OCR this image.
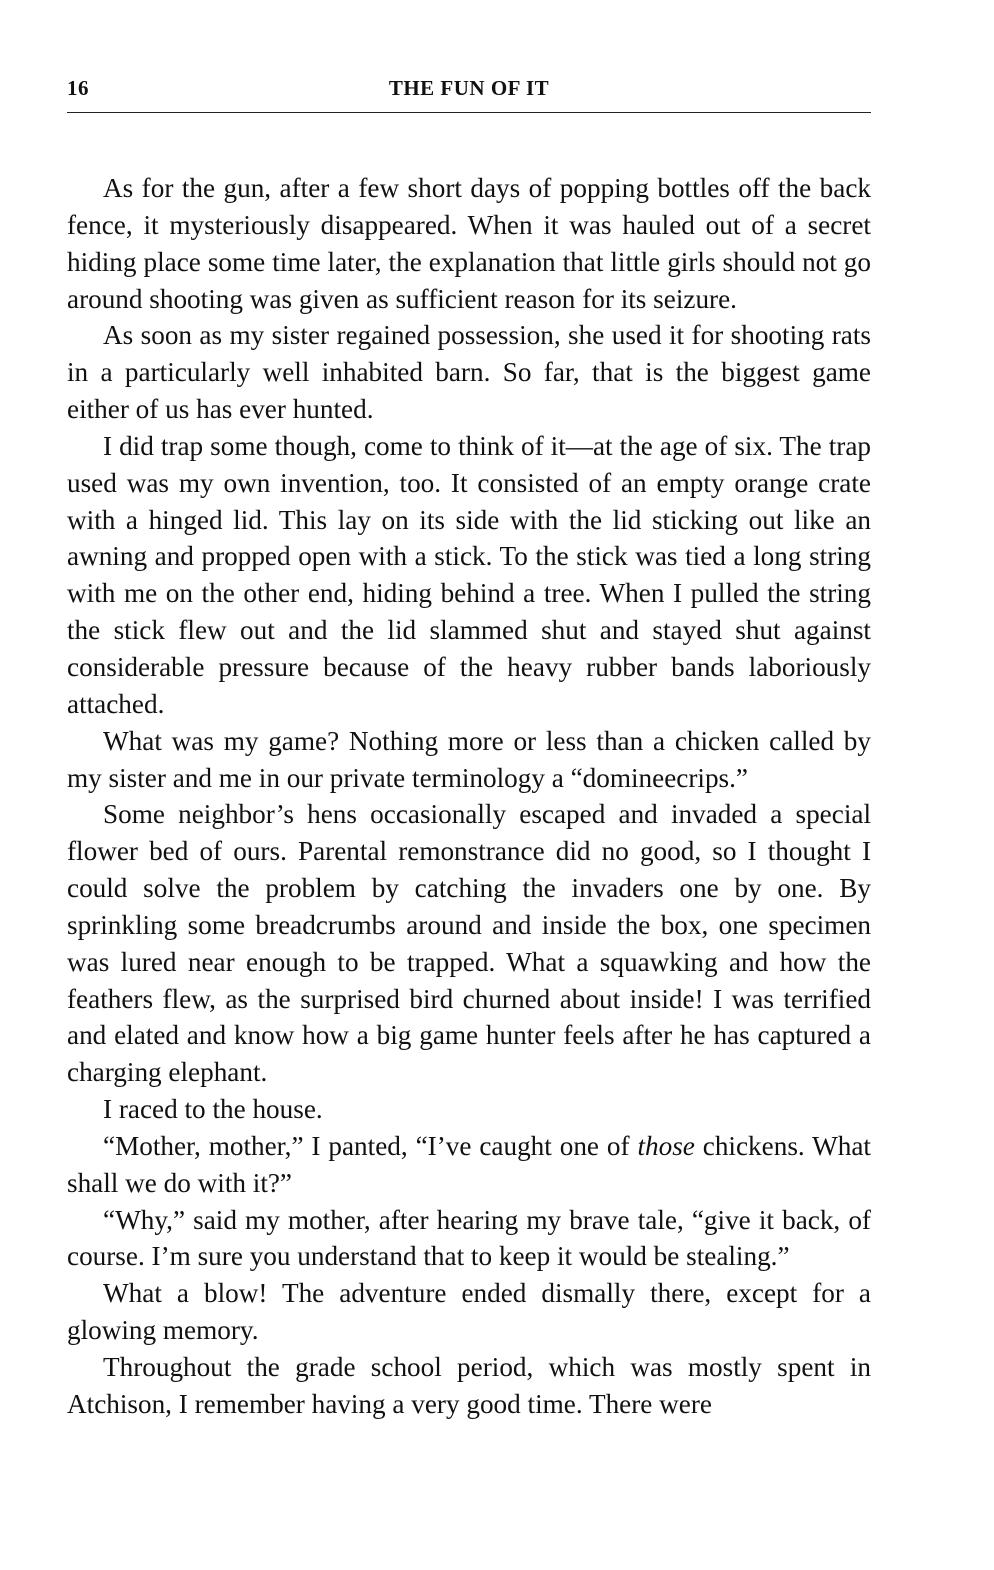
16	THE FUN OF IT

As for the gun, after a few short days of popping bottles off the back fence, it mysteriously disappeared. When it was hauled out of a secret hiding place some time later, the explanation that little girls should not go around shooting was given as sufficient reason for its seizure.

As soon as my sister regained possession, she used it for shooting rats in a particularly well inhabited barn. So far, that is the biggest game either of us has ever hunted.

I did trap some though, come to think of it—at the age of six. The trap used was my own invention, too. It consisted of an empty orange crate with a hinged lid. This lay on its side with the lid sticking out like an awning and propped open with a stick. To the stick was tied a long string with me on the other end, hiding behind a tree. When I pulled the string the stick flew out and the lid slammed shut and stayed shut against considerable pressure because of the heavy rubber bands laboriously attached.

What was my game? Nothing more or less than a chicken called by my sister and me in our private terminology a “domineecrips.”

Some neighbor’s hens occasionally escaped and invaded a special flower bed of ours. Parental remonstrance did no good, so I thought I could solve the problem by catching the invaders one by one. By sprinkling some breadcrumbs around and inside the box, one specimen was lured near enough to be trapped. What a squawking and how the feathers flew, as the surprised bird churned about inside! I was terrified and elated and know how a big game hunter feels after he has captured a charging elephant.

I raced to the house.

“Mother, mother,” I panted, “I’ve caught one of those chickens. What shall we do with it?”

“Why,” said my mother, after hearing my brave tale, “give it back, of course. I’m sure you understand that to keep it would be stealing.”

What a blow! The adventure ended dismally there, except for a glowing memory.

Throughout the grade school period, which was mostly spent in Atchison, I remember having a very good time. There were
